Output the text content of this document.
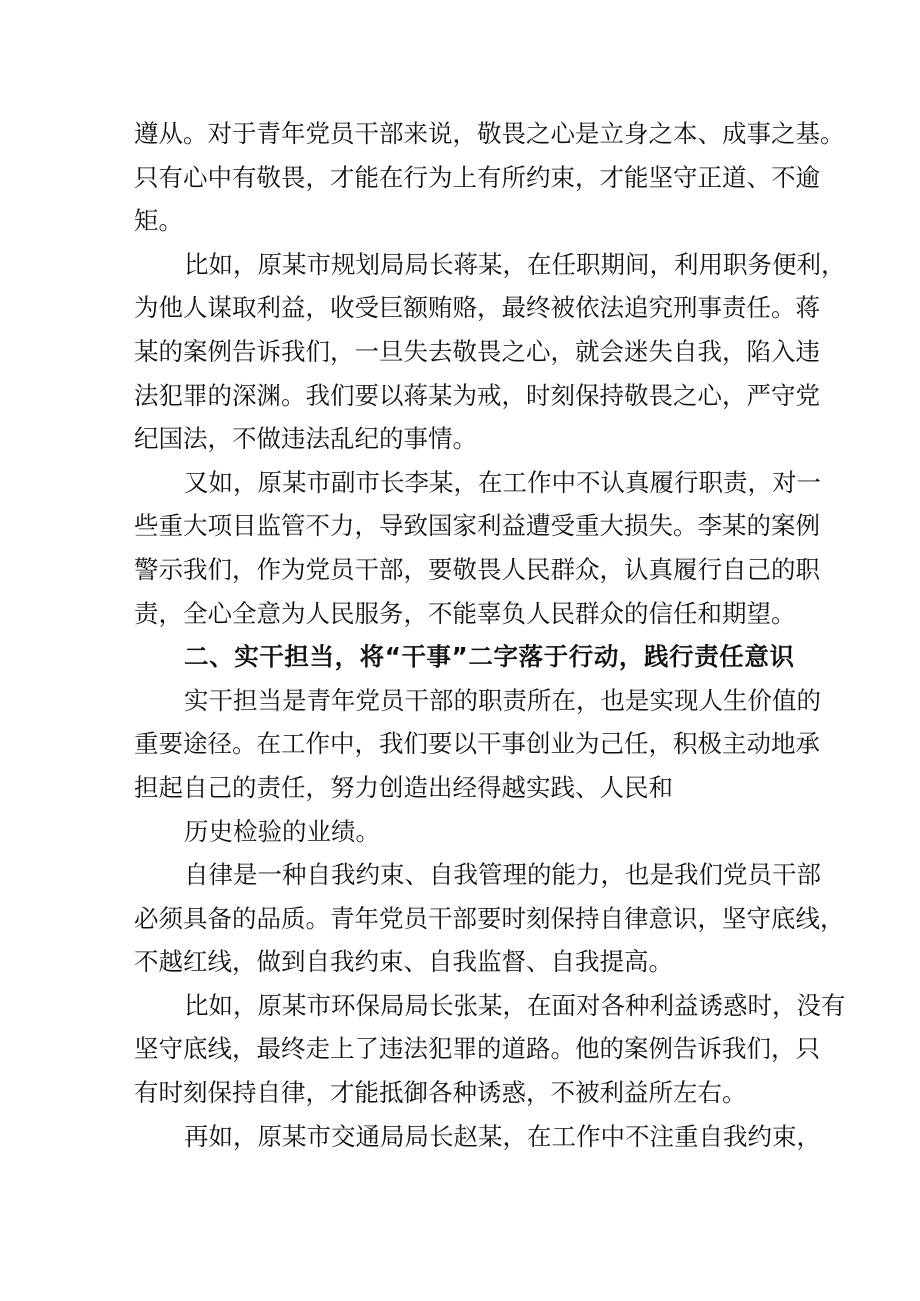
遵从。对于青年党员干部来说，敬畏之心是立身之本、成事之基。
只有心中有敬畏，才能在行为上有所约束，才能坚守正道、不逾
矩。
比如，原某市规划局局长蒋某，在任职期间，利用职务便利，
为他人谋取利益，收受巨额贿赂，最终被依法追究刑事责任。蒋
某的案例告诉我们，一旦失去敬畏之心，就会迷失自我，陷入违
法犯罪的深渊。我们要以蒋某为戒，时刻保持敬畏之心，严守党
纪国法，不做违法乱纪的事情。
又如，原某市副市长李某，在工作中不认真履行职责，对一
些重大项目监管不力，导致国家利益遭受重大损失。李某的案例
警示我们，作为党员干部，要敬畏人民群众，认真履行自己的职
责，全心全意为人民服务，不能辜负人民群众的信任和期望。
二、实干担当，将“干事”二字落于行动，践行责任意识
实干担当是青年党员干部的职责所在，也是实现人生价值的
重要途径。在工作中，我们要以干事创业为己任，积极主动地承
担起自己的责任，努力创造出经得越实践、人民和
历史检验的业绩。
自律是一种自我约束、自我管理的能力，也是我们党员干部
必须具备的品质。青年党员干部要时刻保持自律意识，坚守底线，
不越红线，做到自我约束、自我监督、自我提高。
比如，原某市环保局局长张某，在面对各种利益诱惑时，没有
坚守底线，最终走上了违法犯罪的道路。他的案例告诉我们，只
有时刻保持自律，才能抵御各种诱惑，不被利益所左右。
再如，原某市交通局局长赵某，在工作中不注重自我约束，
